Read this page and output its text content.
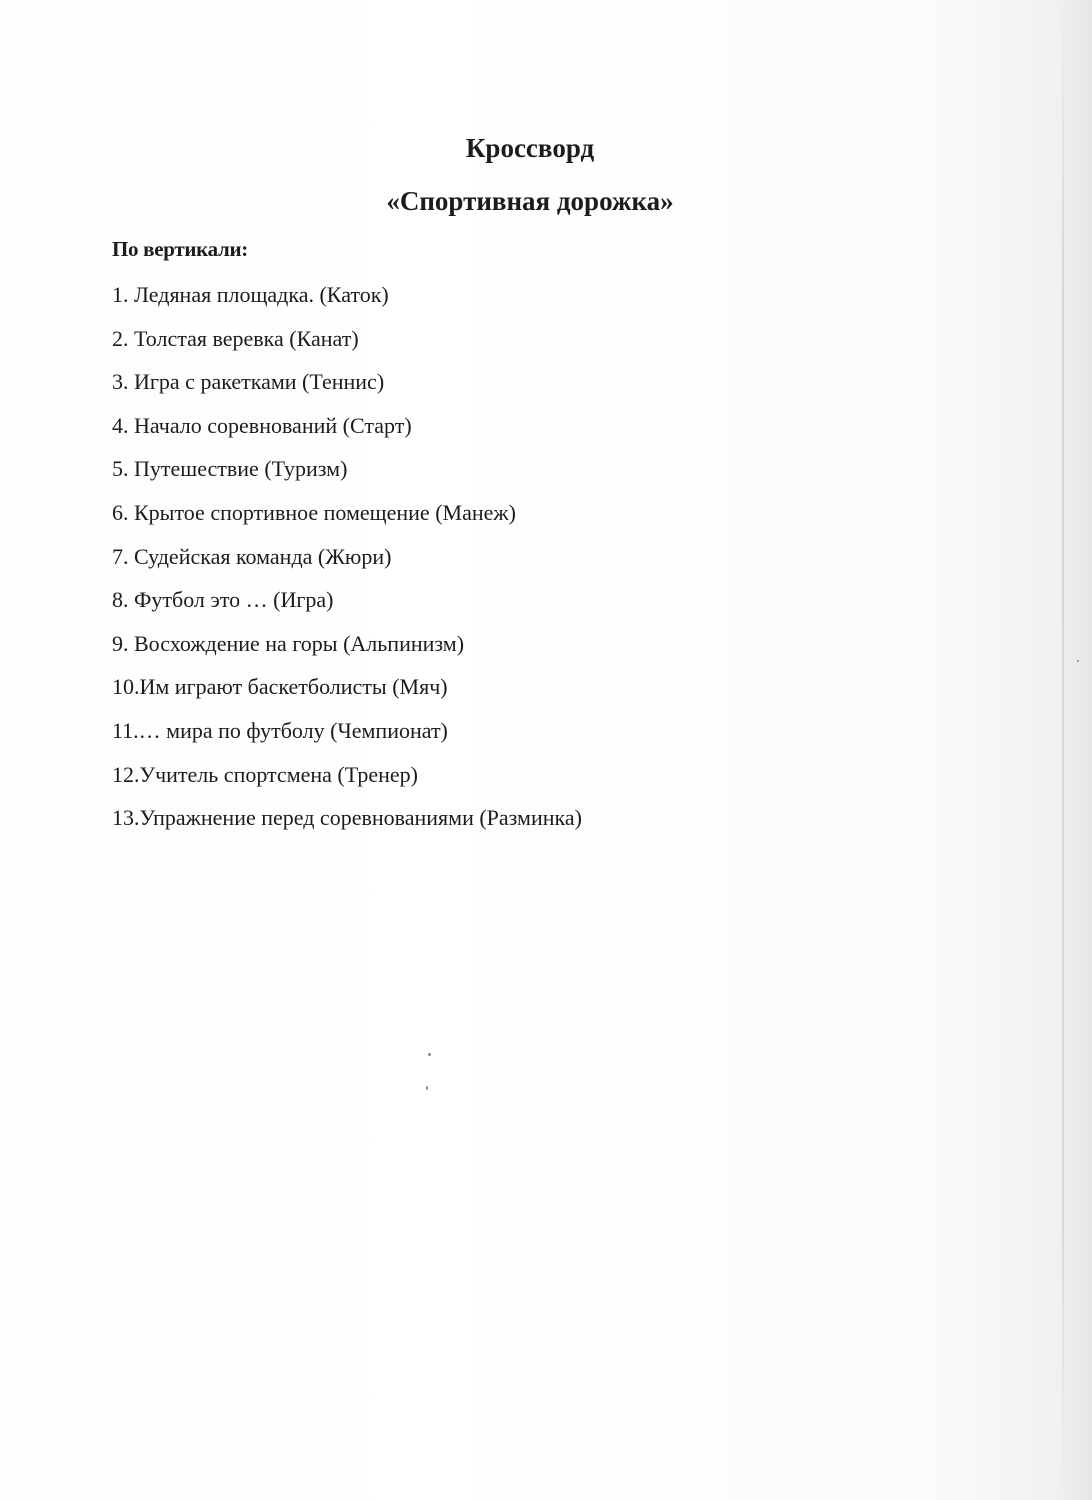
Кроссворд
«Спортивная дорожка»
По вертикали:
1. Ледяная площадка. (Каток)
2. Толстая веревка (Канат)
3. Игра с ракетками (Теннис)
4. Начало соревнований (Старт)
5. Путешествие (Туризм)
6. Крытое спортивное помещение (Манеж)
7. Судейская команда (Жюри)
8. Футбол это … (Игра)
9. Восхождение на горы (Альпинизм)
10.Им играют баскетболисты (Мяч)
11.… мира по футболу (Чемпионат)
12.Учитель спортсмена (Тренер)
13.Упражнение перед соревнованиями (Разминка)
